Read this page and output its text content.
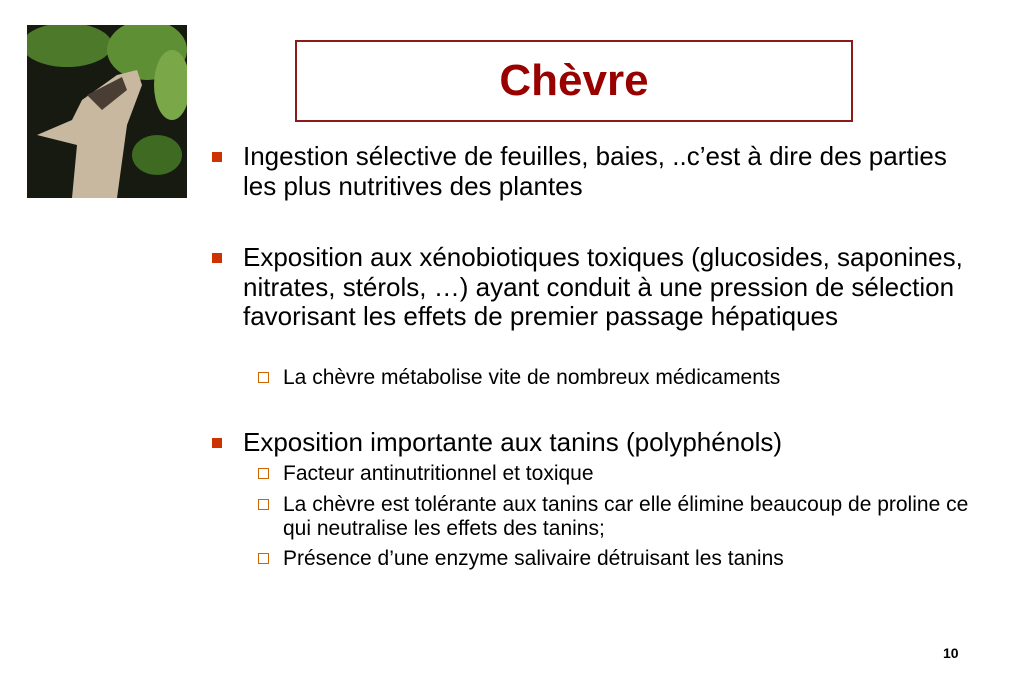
Chèvre
Ingestion sélective de feuilles, baies, ..c’est à dire des parties les plus nutritives des plantes
Exposition aux xénobiotiques toxiques (glucosides, saponines, nitrates, stérols, …) ayant conduit à une pression de sélection favorisant les effets de premier passage hépatiques
La chèvre métabolise vite de nombreux médicaments
Exposition importante aux tanins (polyphénols)
Facteur antinutritionnel et toxique
La chèvre est tolérante aux tanins car elle élimine beaucoup de proline ce qui neutralise les effets des tanins;
Présence d’une enzyme salivaire détruisant les tanins
10
